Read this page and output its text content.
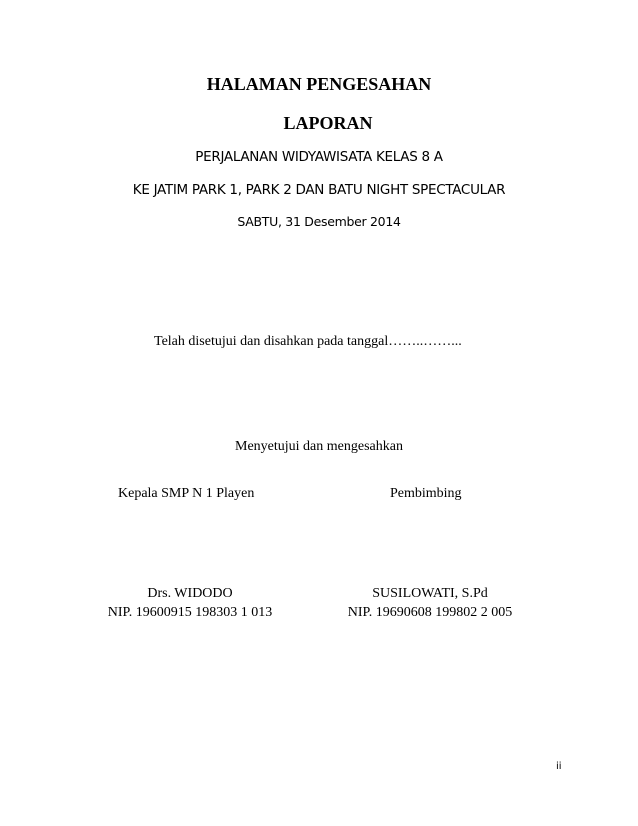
HALAMAN PENGESAHAN
LAPORAN
PERJALANAN WIDYAWISATA KELAS 8 A
KE JATIM PARK 1, PARK 2 DAN BATU NIGHT SPECTACULAR
SABTU, 31 Desember 2014
Telah disetujui dan disahkan pada tanggal……..……...
Menyetujui dan mengesahkan
Kepala SMP N 1 Playen	Pembimbing
Drs. WIDODO
NIP. 19600915 198303 1 013
SUSILOWATI, S.Pd
NIP. 19690608 199802 2 005
ii
